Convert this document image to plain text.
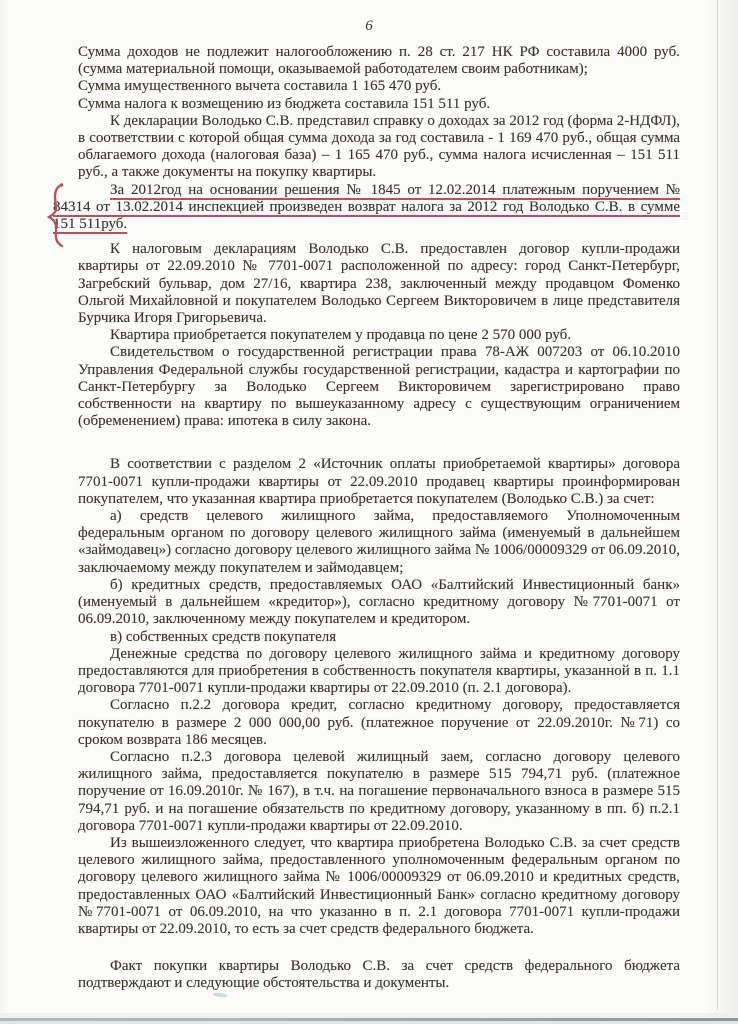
6

Сумма доходов не подлежит налогообложению п. 28 ст. 217 НК РФ составила 4000 руб. (сумма материальной помощи, оказываемой работодателем своим работникам);

Сумма имущественного вычета составила 1 165 470 руб.

Сумма налога к возмещению из бюджета составила 151 511 руб.

К декларации Володько С.В. представил справку о доходах за 2012 год (форма 2-НДФЛ), в соответствии с которой общая сумма дохода за год составила - 1 169 470 руб., общая сумма облагаемого дохода (налоговая база) – 1 165 470 руб., сумма налога исчисленная – 151 511 руб., а также документы на покупку квартиры.

За 2012год на основании решения № 1845 от 12.02.2014 платежным поручением № 84314 от 13.02.2014 инспекцией произведен возврат налога за 2012 год Володько С.В. в сумме 151 511руб.

К налоговым декларациям Володько С.В. предоставлен договор купли-продажи квартиры от 22.09.2010 № 7701-0071 расположенной по адресу: город Санкт-Петербург, Загребский бульвар, дом 27/16, квартира 238, заключенный между продавцом Фоменко Ольгой Михайловной и покупателем Володько Сергеем Викторовичем в лице представителя Бурчика Игоря Григорьевича.

Квартира приобретается покупателем у продавца по цене 2 570 000 руб.

Свидетельством о государственной регистрации права 78-АЖ 007203 от 06.10.2010 Управления Федеральной службы государственной регистрации, кадастра и картографии по Санкт-Петербургу за Володько Сергеем Викторовичем зарегистрировано право собственности на квартиру по вышеуказанному адресу с существующим ограничением (обременением) права: ипотека в силу закона.

В соответствии с разделом 2 «Источник оплаты приобретаемой квартиры» договора 7701-0071 купли-продажи квартиры от 22.09.2010 продавец квартиры проинформирован покупателем, что указанная квартира приобретается покупателем (Володько С.В.) за счет:

а) средств целевого жилищного займа, предоставляемого Уполномоченным федеральным органом по договору целевого жилищного займа (именуемый в дальнейшем «займодавец») согласно договору целевого жилищного займа № 1006/00009329 от 06.09.2010, заключаемому между покупателем и займодавцем;

б) кредитных средств, предоставляемых ОАО «Балтийский Инвестиционный банк» (именуемый в дальнейшем «кредитор»), согласно кредитному договору №7701-0071 от 06.09.2010, заключенному между покупателем и кредитором.

в) собственных средств покупателя

Денежные средства по договору целевого жилищного займа и кредитному договору предоставляются для приобретения в собственность покупателя квартиры, указанной в п. 1.1 договора 7701-0071 купли-продажи квартиры от 22.09.2010 (п. 2.1 договора).

Согласно п.2.2 договора кредит, согласно кредитному договору, предоставляется покупателю в размере 2 000 000,00 руб. (платежное поручение от 22.09.2010г. №71) со сроком возврата 186 месяцев.

Согласно п.2.3 договора целевой жилищный заем, согласно договору целевого жилищного займа, предоставляется покупателю в размере 515 794,71 руб. (платежное поручение от 16.09.2010г. № 167), в т.ч. на погашение первоначального взноса в размере 515 794,71 руб. и на погашение обязательств по кредитному договору, указанному в пп. б) п.2.1 договора 7701-0071 купли-продажи квартиры от 22.09.2010.

Из вышеизложенного следует, что квартира приобретена Володько С.В. за счет средств целевого жилищного займа, предоставленного уполномоченным федеральным органом по договору целевого жилищного займа № 1006/00009329 от 06.09.2010 и кредитных средств, предоставленных ОАО «Балтийский Инвестиционный Банк» согласно кредитному договору №7701-0071 от 06.09.2010, на что указанно в п. 2.1 договора 7701-0071 купли-продажи квартиры от 22.09.2010, то есть за счет средств федерального бюджета.

Факт покупки квартиры Володько С.В. за счет средств федерального бюджета подтверждают и следующие обстоятельства и документы.
